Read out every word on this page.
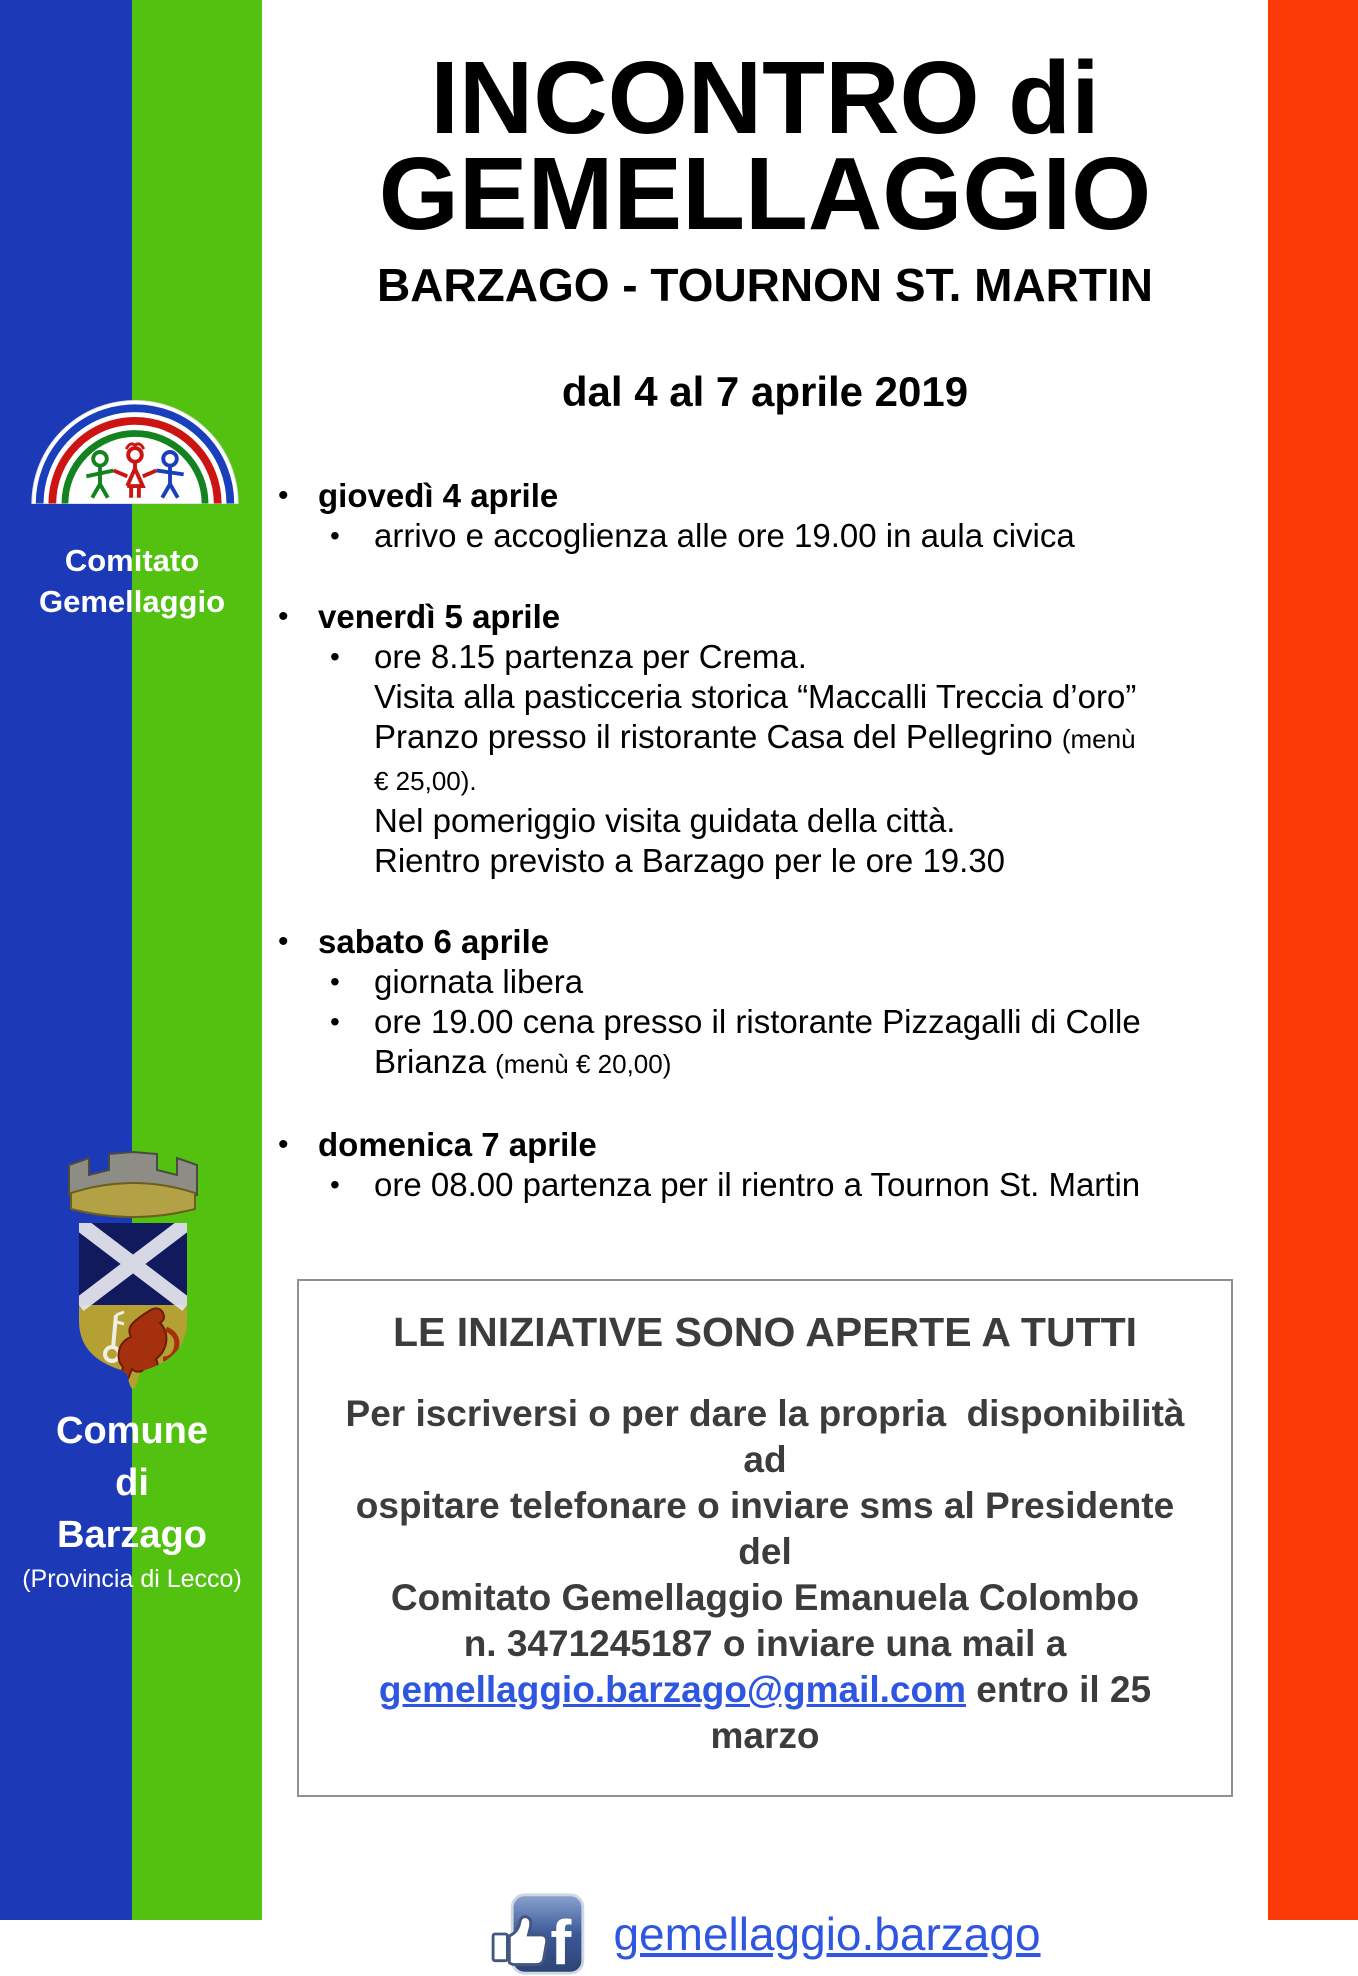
Comitato
Gemellaggio
Comune
di
Barzago
(Provincia di Lecco)
INCONTRO di
GEMELLAGGIO
BARZAGO - TOURNON ST. MARTIN
dal 4 al 7 aprile 2019
• giovedì 4 aprile
•	arrivo e accoglienza alle ore 19.00 in aula civica
• venerdì 5 aprile
•	ore 8.15 partenza per Crema.
Visita alla pasticceria storica “Maccalli Treccia d’oro”
Pranzo presso il ristorante Casa del Pellegrino (menù
€ 25,00).
Nel pomeriggio visita guidata della città.
Rientro previsto a Barzago per le ore 19.30
• sabato 6 aprile
•	giornata libera
•	ore 19.00 cena presso il ristorante Pizzagalli di Colle
Brianza (menù € 20,00)
• domenica 7 aprile
•	ore 08.00 partenza per il rientro a Tournon St. Martin
LE INIZIATIVE SONO APERTE A TUTTI
Per iscriversi o per dare la propria  disponibilità ad
ospitare telefonare o inviare sms al Presidente del
Comitato Gemellaggio Emanuela Colombo
n. 3471245187 o inviare una mail a
gemellaggio.barzago@gmail.com entro il 25 marzo
f gemellaggio.barzago
